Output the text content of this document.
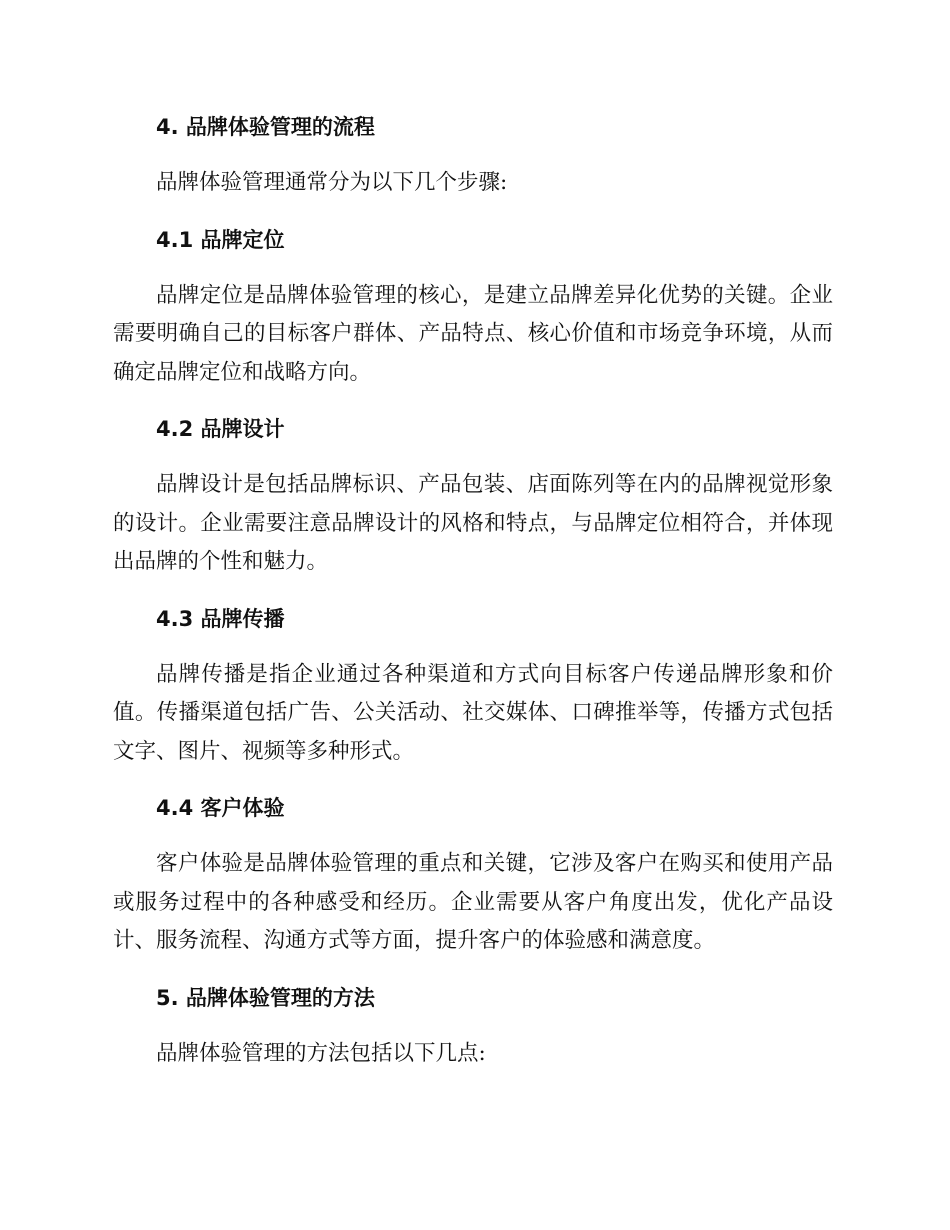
4. 品牌体验管理的流程

品牌体验管理通常分为以下几个步骤:

4.1 品牌定位

品牌定位是品牌体验管理的核心，是建立品牌差异化优势的关键。企业需要明确自己的目标客户群体、产品特点、核心价值和市场竞争环境，从而确定品牌定位和战略方向。

4.2 品牌设计

品牌设计是包括品牌标识、产品包装、店面陈列等在内的品牌视觉形象的设计。企业需要注意品牌设计的风格和特点，与品牌定位相符合，并体现出品牌的个性和魅力。

4.3 品牌传播

品牌传播是指企业通过各种渠道和方式向目标客户传递品牌形象和价值。传播渠道包括广告、公关活动、社交媒体、口碑推举等，传播方式包括文字、图片、视频等多种形式。

4.4 客户体验

客户体验是品牌体验管理的重点和关键，它涉及客户在购买和使用产品或服务过程中的各种感受和经历。企业需要从客户角度出发，优化产品设计、服务流程、沟通方式等方面，提升客户的体验感和满意度。

5. 品牌体验管理的方法

品牌体验管理的方法包括以下几点:
